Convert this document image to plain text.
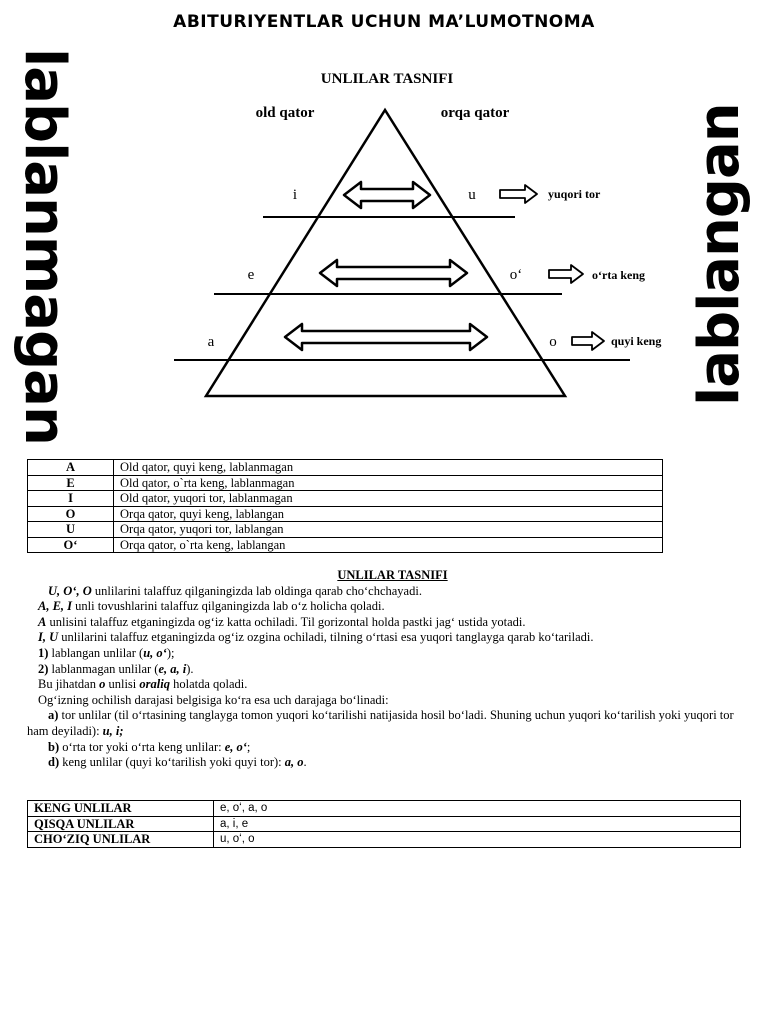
ABITURIYENTLAR UCHUN MA’LUMOTNOMA
lablanmagan	lablangan
UNLILAR TASNIFI
old qator	orqa qator
i	u
e	o‘
a	o
yuqori tor
o‘rta keng
quyi keng
A	Old qator, quyi keng, lablanmagan
E	Old qator, o`rta keng, lablanmagan
I	Old qator, yuqori tor, lablanmagan
O	Orqa qator, quyi keng, lablangan
U	Orqa qator, yuqori tor, lablangan
O‘	Orqa qator, o`rta keng, lablangan
UNLILAR TASNIFI

U, O‘, O unlilarini talaffuz qilganingizda lab oldinga qarab cho‘chchayadi.

A, E, I unli tovushlarini talaffuz qilganingizda lab o‘z holicha qoladi.

A unlisini talaffuz etganingizda og‘iz katta ochiladi. Til gorizontal holda pastki jag‘ ustida yotadi.

I, U unlilarini talaffuz etganingizda og‘iz ozgina ochiladi, tilning o‘rtasi esa yuqori tanglayga qarab ko‘tariladi.

1) lablangan unlilar (u, o‘);

2) lablanmagan unlilar (e, a, i).

Bu jihatdan o unlisi oraliq holatda qoladi.

Og‘izning ochilish darajasi belgisiga ko‘ra esa uch darajaga bo‘linadi:

a) tor unlilar (til o‘rtasining tanglayga tomon yuqori ko‘tarilishi natijasida hosil bo‘ladi. Shuning uchun yuqori ko‘tarilish yoki yuqori tor ham deyiladi): u, i;

b) o‘rta tor yoki o‘rta keng unlilar: e, o‘;

d) keng unlilar (quyi ko‘tarilish yoki quyi tor): a, o.

KENG UNLILAR	e, o‘, a, o
QISQA UNLILAR	a, i, e
CHO‘ZIQ UNLILAR	u, o‘, o
